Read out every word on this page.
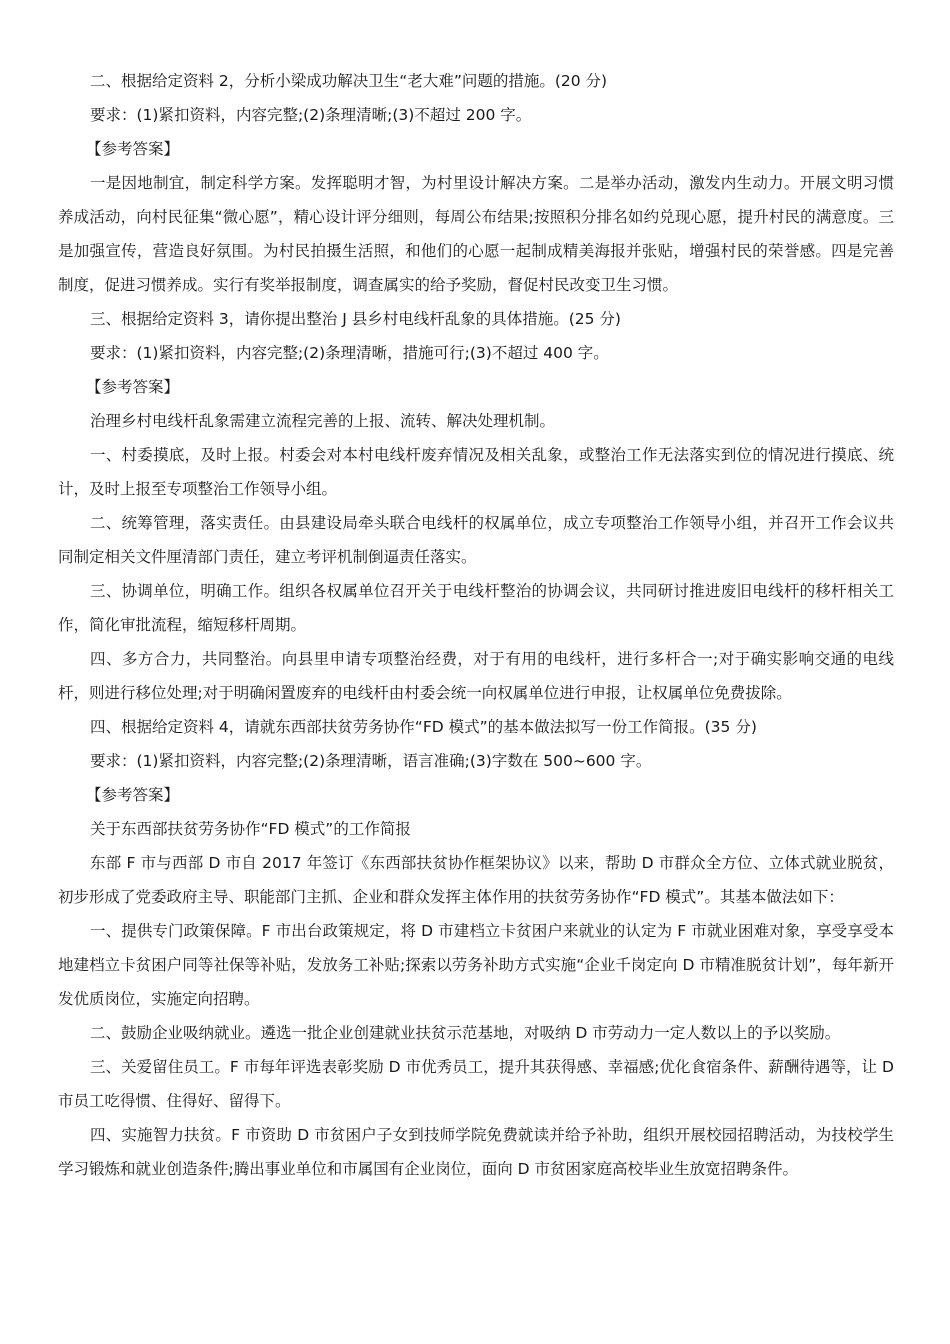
二、根据给定资料 2，分析小梁成功解决卫生“老大难”问题的措施。(20 分)

要求：(1)紧扣资料，内容完整;(2)条理清晰;(3)不超过 200 字。

【参考答案】

一是因地制宜，制定科学方案。发挥聪明才智，为村里设计解决方案。二是举办活动，激发内生动力。开展文明习惯养成活动，向村民征集“微心愿”，精心设计评分细则，每周公布结果;按照积分排名如约兑现心愿，提升村民的满意度。三是加强宣传，营造良好氛围。为村民拍摄生活照，和他们的心愿一起制成精美海报并张贴，增强村民的荣誉感。四是完善制度，促进习惯养成。实行有奖举报制度，调查属实的给予奖励，督促村民改变卫生习惯。

三、根据给定资料 3，请你提出整治 J 县乡村电线杆乱象的具体措施。(25 分)

要求：(1)紧扣资料，内容完整;(2)条理清晰，措施可行;(3)不超过 400 字。

【参考答案】

治理乡村电线杆乱象需建立流程完善的上报、流转、解决处理机制。

一、村委摸底，及时上报。村委会对本村电线杆废弃情况及相关乱象，或整治工作无法落实到位的情况进行摸底、统计，及时上报至专项整治工作领导小组。

二、统筹管理，落实责任。由县建设局牵头联合电线杆的权属单位，成立专项整治工作领导小组，并召开工作会议共同制定相关文件厘清部门责任，建立考评机制倒逼责任落实。

三、协调单位，明确工作。组织各权属单位召开关于电线杆整治的协调会议，共同研讨推进废旧电线杆的移杆相关工作，简化审批流程，缩短移杆周期。

四、多方合力，共同整治。向县里申请专项整治经费，对于有用的电线杆，进行多杆合一;对于确实影响交通的电线杆，则进行移位处理;对于明确闲置废弃的电线杆由村委会统一向权属单位进行申报，让权属单位免费拔除。

四、根据给定资料 4，请就东西部扶贫劳务协作“FD 模式”的基本做法拟写一份工作简报。(35 分)

要求：(1)紧扣资料，内容完整;(2)条理清晰，语言准确;(3)字数在 500~600 字。

【参考答案】

关于东西部扶贫劳务协作“FD 模式”的工作简报

东部 F 市与西部 D 市自 2017 年签订《东西部扶贫协作框架协议》以来，帮助 D 市群众全方位、立体式就业脱贫，初步形成了党委政府主导、职能部门主抓、企业和群众发挥主体作用的扶贫劳务协作“FD 模式”。其基本做法如下：

一、提供专门政策保障。F 市出台政策规定，将 D 市建档立卡贫困户来就业的认定为 F 市就业困难对象，享受享受本地建档立卡贫困户同等社保等补贴，发放务工补贴;探索以劳务补助方式实施“企业千岗定向 D 市精准脱贫计划”，每年新开发优质岗位，实施定向招聘。

二、鼓励企业吸纳就业。遴选一批企业创建就业扶贫示范基地，对吸纳 D 市劳动力一定人数以上的予以奖励。

三、关爱留住员工。F 市每年评选表彰奖励 D 市优秀员工，提升其获得感、幸福感;优化食宿条件、薪酬待遇等，让 D 市员工吃得惯、住得好、留得下。

四、实施智力扶贫。F 市资助 D 市贫困户子女到技师学院免费就读并给予补助，组织开展校园招聘活动，为技校学生学习锻炼和就业创造条件;腾出事业单位和市属国有企业岗位，面向 D 市贫困家庭高校毕业生放宽招聘条件。
